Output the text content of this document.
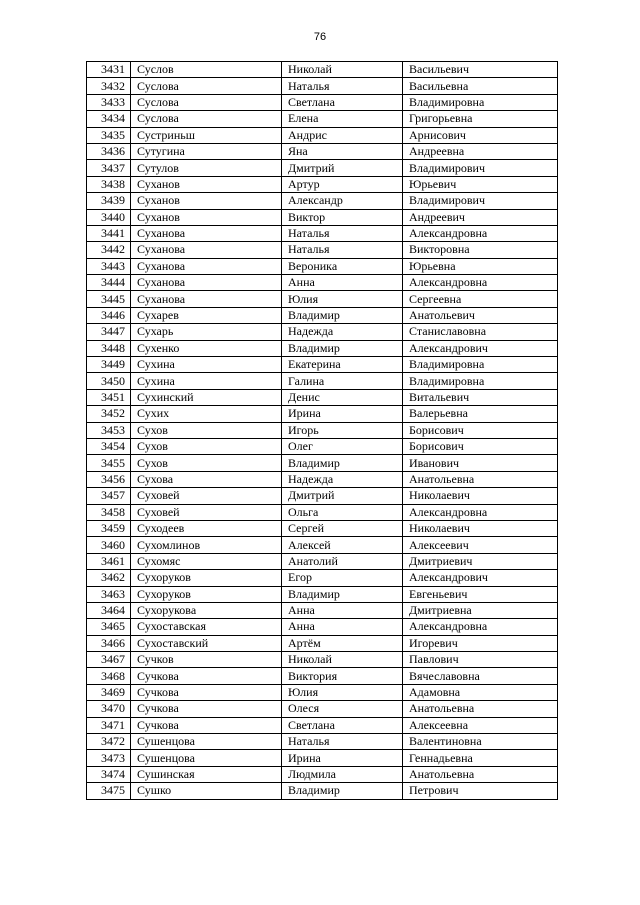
76
3431	Суслов	Николай	Васильевич
3432	Суслова	Наталья	Васильевна
3433	Суслова	Светлана	Владимировна
3434	Суслова	Елена	Григорьевна
3435	Сустриньш	Андрис	Арнисович
3436	Сутугина	Яна	Андреевна
3437	Сутулов	Дмитрий	Владимирович
3438	Суханов	Артур	Юрьевич
3439	Суханов	Александр	Владимирович
3440	Суханов	Виктор	Андреевич
3441	Суханова	Наталья	Александровна
3442	Суханова	Наталья	Викторовна
3443	Суханова	Вероника	Юрьевна
3444	Суханова	Анна	Александровна
3445	Суханова	Юлия	Сергеевна
3446	Сухарев	Владимир	Анатольевич
3447	Сухарь	Надежда	Станиславовна
3448	Сухенко	Владимир	Александрович
3449	Сухина	Екатерина	Владимировна
3450	Сухина	Галина	Владимировна
3451	Сухинский	Денис	Витальевич
3452	Сухих	Ирина	Валерьевна
3453	Сухов	Игорь	Борисович
3454	Сухов	Олег	Борисович
3455	Сухов	Владимир	Иванович
3456	Сухова	Надежда	Анатольевна
3457	Суховей	Дмитрий	Николаевич
3458	Суховей	Ольга	Александровна
3459	Суходеев	Сергей	Николаевич
3460	Сухомлинов	Алексей	Алексеевич
3461	Сухомяс	Анатолий	Дмитриевич
3462	Сухоруков	Егор	Александрович
3463	Сухоруков	Владимир	Евгеньевич
3464	Сухорукова	Анна	Дмитриевна
3465	Сухоставская	Анна	Александровна
3466	Сухоставский	Артём	Игоревич
3467	Сучков	Николай	Павлович
3468	Сучкова	Виктория	Вячеславовна
3469	Сучкова	Юлия	Адамовна
3470	Сучкова	Олеся	Анатольевна
3471	Сучкова	Светлана	Алексеевна
3472	Сушенцова	Наталья	Валентиновна
3473	Сушенцова	Ирина	Геннадьевна
3474	Сушинская	Людмила	Анатольевна
3475	Сушко	Владимир	Петрович
